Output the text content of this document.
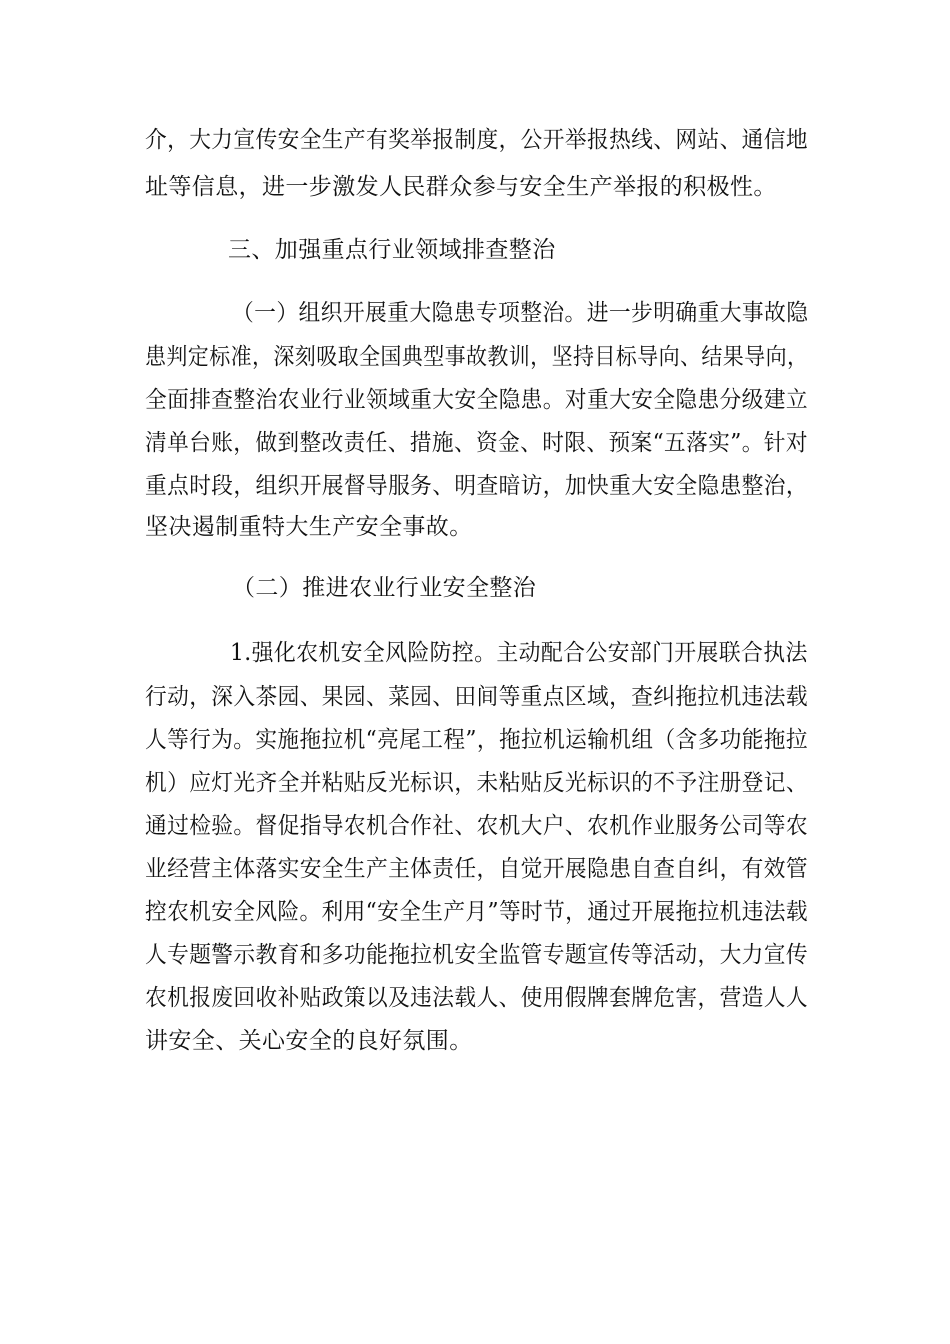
介，大力宣传安全生产有奖举报制度，公开举报热线、网站、通信地
址等信息，进一步激发人民群众参与安全生产举报的积极性。
三、加强重点行业领域排查整治
（一）组织开展重大隐患专项整治。进一步明确重大事故隐
患判定标准，深刻吸取全国典型事故教训，坚持目标导向、结果导向，
全面排查整治农业行业领域重大安全隐患。对重大安全隐患分级建立
清单台账，做到整改责任、措施、资金、时限、预案“五落实”。针对
重点时段，组织开展督导服务、明查暗访，加快重大安全隐患整治，
坚决遏制重特大生产安全事故。
（二）推进农业行业安全整治
1.强化农机安全风险防控。主动配合公安部门开展联合执法
行动，深入茶园、果园、菜园、田间等重点区域，查纠拖拉机违法载
人等行为。实施拖拉机“亮尾工程”，拖拉机运输机组（含多功能拖拉
机）应灯光齐全并粘贴反光标识，未粘贴反光标识的不予注册登记、
通过检验。督促指导农机合作社、农机大户、农机作业服务公司等农
业经营主体落实安全生产主体责任，自觉开展隐患自查自纠，有效管
控农机安全风险。利用“安全生产月”等时节，通过开展拖拉机违法载
人专题警示教育和多功能拖拉机安全监管专题宣传等活动，大力宣传
农机报废回收补贴政策以及违法载人、使用假牌套牌危害，营造人人
讲安全、关心安全的良好氛围。
